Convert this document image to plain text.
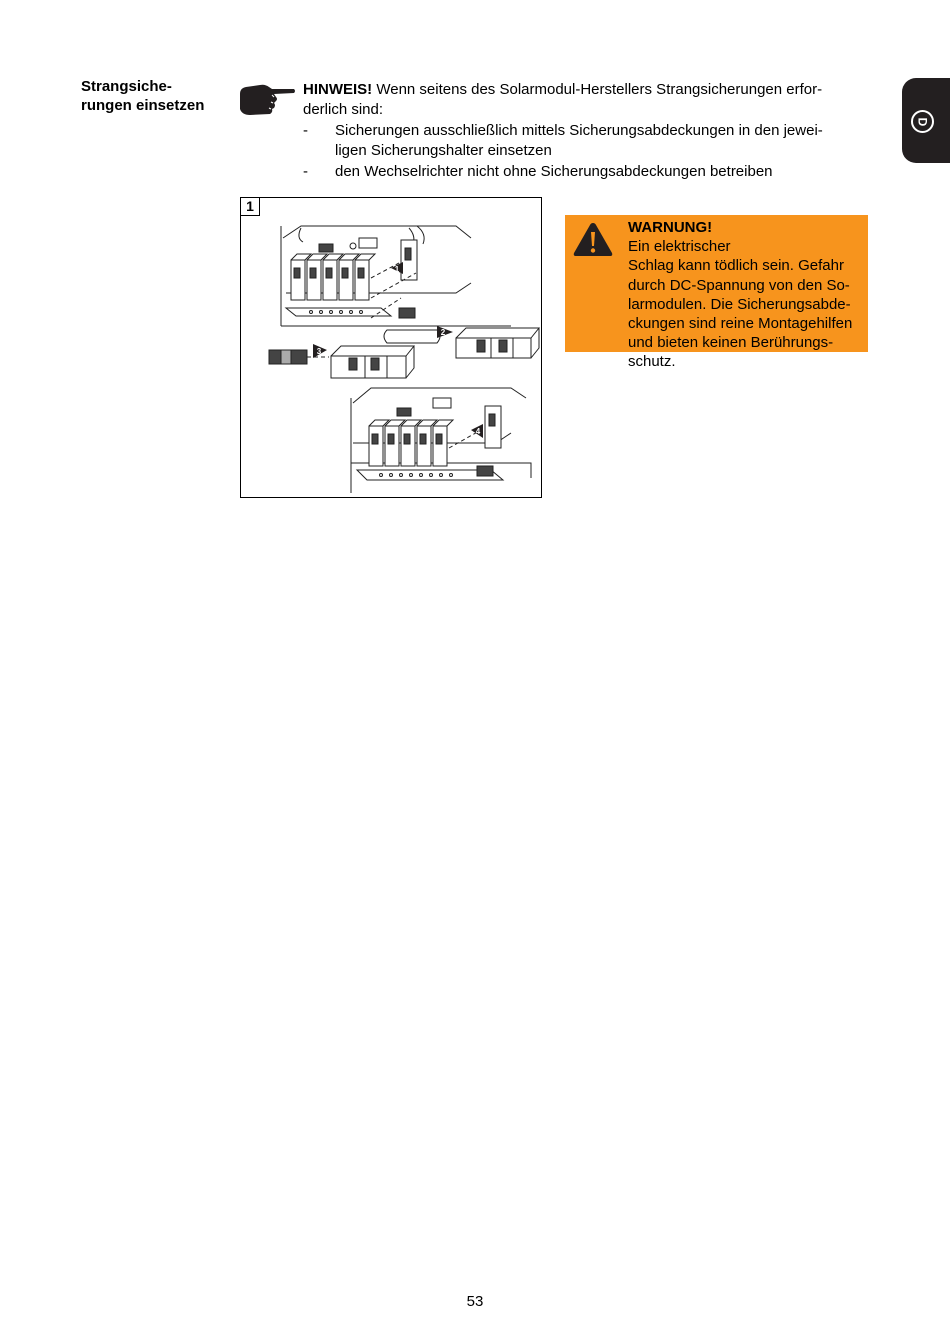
Strangsiche-
rungen einsetzen
HINWEIS! Wenn seitens des Solarmodul-Herstellers Strangsicherungen erfor-
derlich sind:
- Sicherungen ausschließlich mittels Sicherungsabdeckungen in den jewei-
ligen Sicherungshalter einsetzen
- den Wechselrichter nicht ohne Sicherungsabdeckungen betreiben
D
1
2
3
4
1
WARNUNG!
Ein elektrischer
Schlag kann tödlich sein. Gefahr
durch DC-Spannung von den So-
larmodulen. Die Sicherungsabde-
ckungen sind reine Montagehilfen
und bieten keinen Berührungs-
schutz.
53
